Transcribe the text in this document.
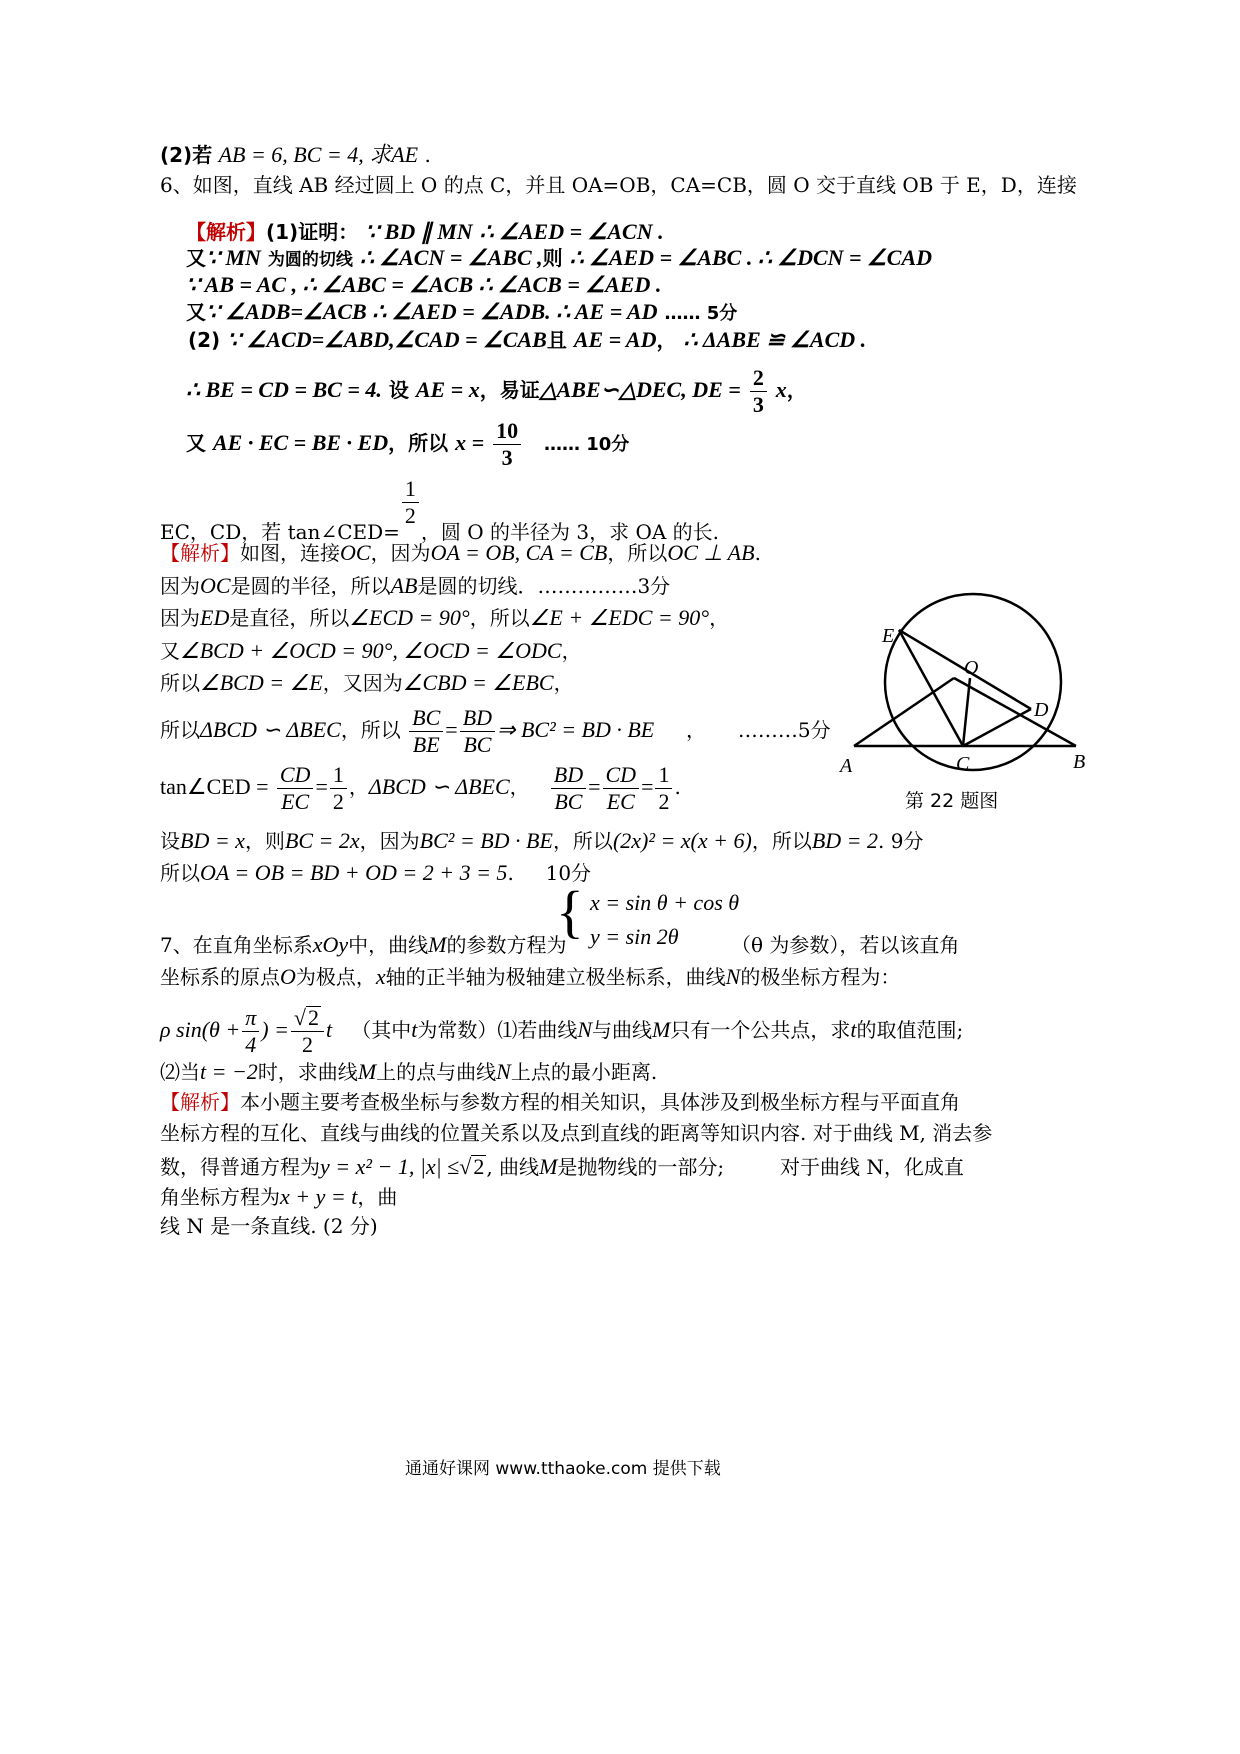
(2)若 AB = 6, BC = 4, 求AE .
6、如图，直线 AB 经过圆上 O 的点 C，并且 OA=OB，CA=CB，圆 O 交于直线 OB 于 E，D，连接
【解析】(1)证明： ∵ BD ∥ MN ∴ ∠AED = ∠ACN .
又∵ MN 为圆的切线 ∴ ∠ACN = ∠ABC ,则 ∴ ∠AED = ∠ABC . ∴ ∠DCN = ∠CAD
∵ AB = AC , ∴ ∠ABC = ∠ACB ∴ ∠ACB = ∠AED .
又∵ ∠ADB=∠ACB ∴ ∠AED = ∠ADB. ∴ AE = AD …… 5分
(2) ∵ ∠ACD=∠ABD,∠CAD = ∠CAB且 AE = AD， ∴ ΔABE ≌ ∠ACD .
∴ BE = CD = BC = 4. 设 AE = x，易证△ABE∽△DEC, DE = $\frac{2}{3}$ x，
又 AE · EC = BE · ED，所以 $x = \frac{10}{3}$ …… 10分
EC，CD，若 tan∠CED=
$\frac{1}{2}$
，圆 O 的半径为 3，求 OA 的长.
【解析】如图，连接OC，因为OA = OB, CA = CB，所以OC ⊥ AB.
因为OC是圆的半径，所以AB是圆的切线．……………3分
因为ED是直径，所以∠ECD = 90°，所以∠E + ∠EDC = 90°，
又∠BCD + ∠OCD = 90°, ∠OCD = ∠ODC，
所以∠BCD = ∠E，又因为∠CBD = ∠EBC，
所以ΔBCD ∽ ΔBEC，所以 $\frac{BC}{BE} = \frac{BD}{BC}$ ⇒ BC² = BD · BE ， ………5分
tan∠CED = $\frac{CD}{EC} = \frac{1}{2}$ ，ΔBCD ∽ ΔBEC， $\frac{BD}{BC} = \frac{CD}{EC} = \frac{1}{2}$ .
设BD = x，则BC = 2x，因为BC² = BD · BE，所以(2x)² = x(x + 6)，所以BD = 2. 9分
所以OA = OB = BD + OD = 2 + 3 = 5. 10分
E
O
D
A	C	B
第 22 题图
{ x = sin θ + cos θ
y = sin 2θ
7、在直角坐标系xOy中，曲线M的参数方程为	（θ 为参数），若以该直角
坐标系的原点O为极点，x轴的正半轴为极轴建立极坐标系，曲线N的极坐标方程为：
ρ $\sin(\theta + \frac{\pi}{4}$ ) = $\frac{√2}{2}$ t （其中t为常数）⑴若曲线N与曲线M只有一个公共点，求t的取值范围;
⑵当t = −2时，求曲线M上的点与曲线N上点的最小距离.
【解析】本小题主要考查极坐标与参数方程的相关知识，具体涉及到极坐标方程与平面直角
坐标方程的互化、直线与曲线的位置关系以及点到直线的距离等知识内容. 对于曲线 M, 消去参
数，得普通方程为y = x² − 1, |x| ≤√2 , 曲线M是抛物线的一部分;	对于曲线 N，化成直
角坐标方程为x + y = t，曲
线 N 是一条直线. (2 分)
通通好课网 www.tthaoke.com 提供下载
